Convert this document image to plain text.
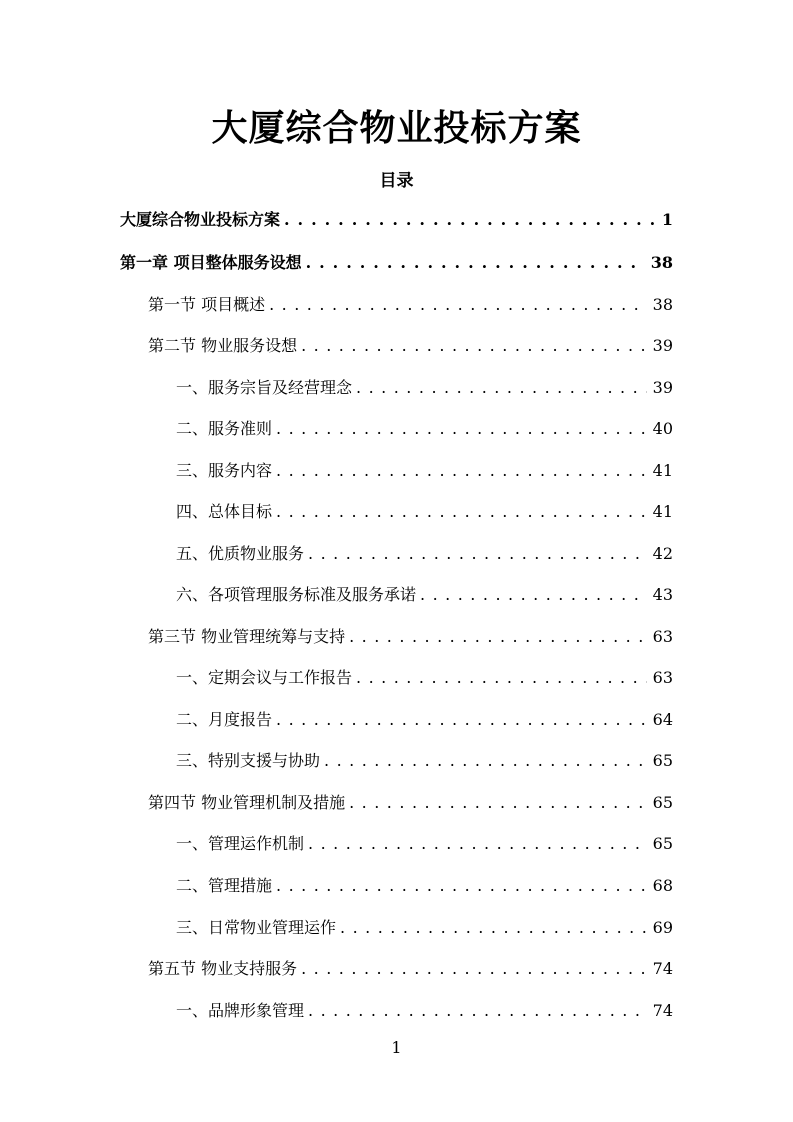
大厦综合物业投标方案
目录
大厦综合物业投标方案 . . .	1
第一章 项目整体服务设想 . . .	38
第一节 项目概述 . . .	38
第二节 物业服务设想 . . .	39
一、服务宗旨及经营理念 . . .	39
二、服务准则 . . .	40
三、服务内容 . . .	41
四、总体目标 . . .	41
五、优质物业服务 . . .	42
六、各项管理服务标准及服务承诺 . . .	43
第三节 物业管理统筹与支持 . . .	63
一、定期会议与工作报告 . . .	63
二、月度报告 . . .	64
三、特别支援与协助 . . .	65
第四节 物业管理机制及措施 . . .	65
一、管理运作机制 . . .	65
二、管理措施 . . .	68
三、日常物业管理运作 . . .	69
第五节 物业支持服务 . . .	74
一、品牌形象管理 . . .	74
1
